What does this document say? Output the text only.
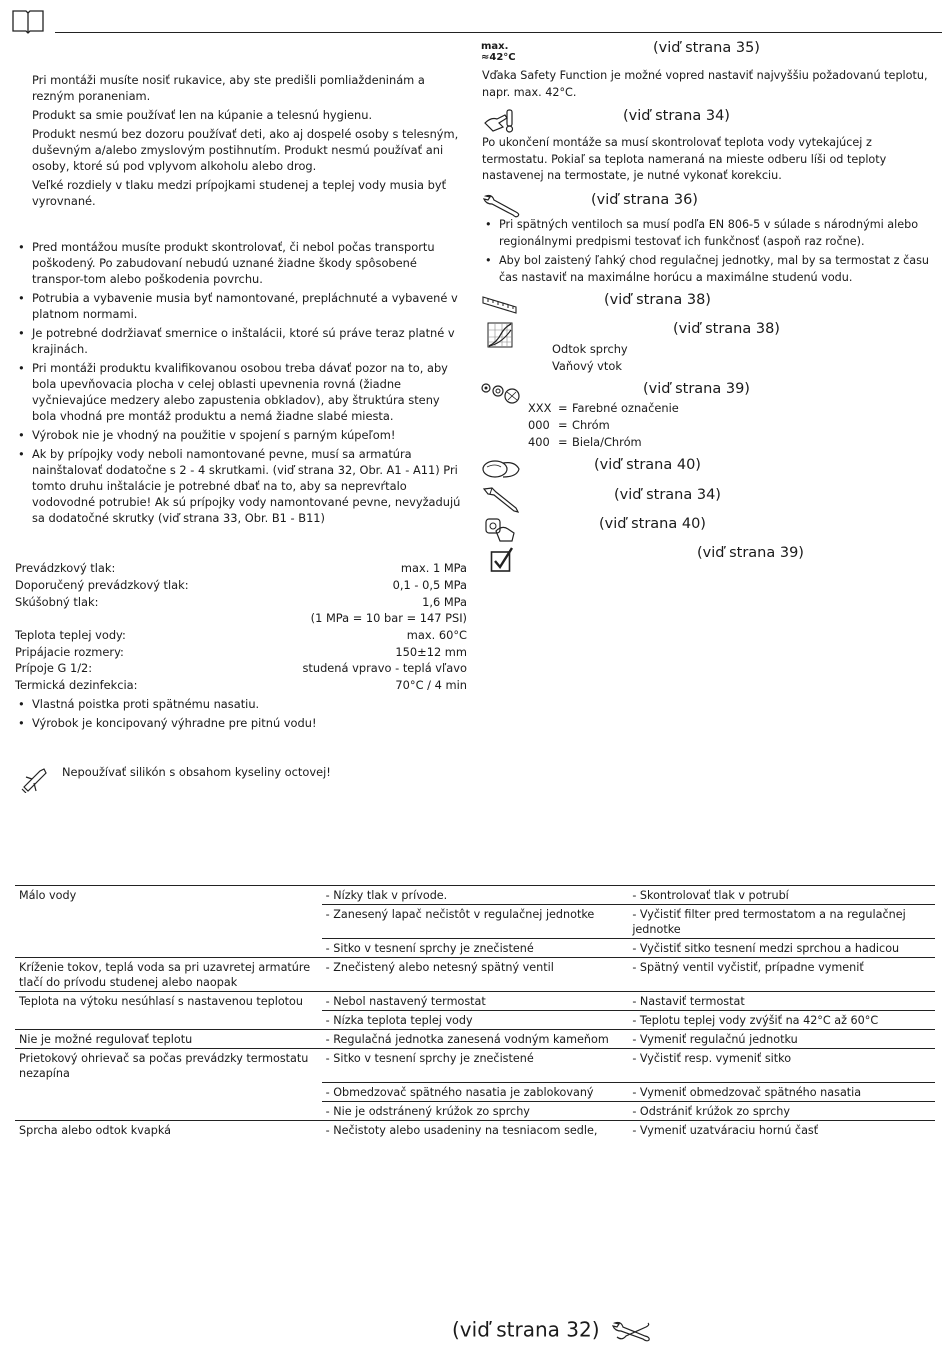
Pri montáži musíte nosiť rukavice, aby ste predišli pomliaždeninám a rezným poraneniam.

Produkt sa smie používať len na kúpanie a telesnú hygienu.

Produkt nesmú bez dozoru používať deti, ako aj dospelé osoby s telesným, duševným a/alebo zmyslovým postihnutím. Produkt nesmú používať ani osoby, ktoré sú pod vplyvom alkoholu alebo drog.

Veľké rozdiely v tlaku medzi prípojkami studenej a teplej vody musia byť vyrovnané.

• Pred montážou musíte produkt skontrolovať, či nebol počas transportu poškodený. Po zabudovaní nebudú uznané žiadne škody spôsobené transpor-tom alebo poškodenia povrchu.
• Potrubia a vybavenie musia byť namontované, prepláchnuté a vybavené v platnom normami.
• Je potrebné dodržiavať smernice o inštalácii, ktoré sú práve teraz platné v krajinách.
• Pri montáži produktu kvalifikovanou osobou treba dávať pozor na to, aby bola upevňovacia plocha v celej oblasti upevnenia rovná (žiadne vyčnievajúce medzery alebo zapustenia obkladov), aby štruktúra steny bola vhodná pre montáž produktu a nemá žiadne slabé miesta.
• Výrobok nie je vhodný na použitie v spojení s parným kúpeľom!
• Ak by prípojky vody neboli namontované pevne, musí sa armatúra nainštalovať dodatočne s 2 - 4 skrutkami. (viď strana 32, Obr. A1 - A11) Pri tomto druhu inštalácie je potrebné dbať na to, aby sa neprevŕtalo vodovodné potrubie! Ak sú prípojky vody namontované pevne, nevyžadujú sa dodatočné skrutky (viď strana 33, Obr. B1 - B11)
Prevádzkový tlak:	max. 1 MPa
Doporučený prevádzkový tlak:	0,1 - 0,5 MPa
Skúšobný tlak:	1,6 MPa
(1 MPa = 10 bar = 147 PSI)
Teplota teplej vody:	max. 60°C
Pripájacie rozmery:	150±12 mm
Prípoje G 1/2:	studená vpravo - teplá vľavo
Termická dezinfekcia:	70°C / 4 min
• Vlastná poistka proti spätnému nasatiu.
• Výrobok je koncipovaný výhradne pre pitnú vodu!
Nepoužívať silikón s obsahom kyseliny octovej!
max.
≈42°C
(viď strana 35)
Vďaka Safety Function je možné vopred nastaviť najvyššiu požadovanú teplotu, napr. max. 42°C.
(viď strana 34)
Po ukončení montáže sa musí skontrolovať teplota vody vytekajúcej z termostatu. Pokiaľ sa teplota nameraná na mieste odberu líši od teploty nastavenej na termostate, je nutné vykonať korekciu.
(viď strana 36)
• Pri spätných ventiloch sa musí podľa EN 806-5 v súlade s národnými alebo regionálnymi predpismi testovať ich funkčnosť (aspoň raz ročne).
• Aby bol zaistený ľahký chod regulačnej jednotky, mal by sa termostat z času čas nastaviť na maximálne horúcu a maximálne studenú vodu.
(viď strana 38)
(viď strana 38)
Odtok sprchy
Vaňový vtok
(viď strana 39)
XXX = Farebné označenie
000 = Chróm
400 = Biela/Chróm
(viď strana 40)
(viď strana 34)
(viď strana 40)
(viď strana 39)
Málo vody	- Nízky tlak v prívode.	- Skontrolovať tlak v potrubí
	- Zanesený lapač nečistôt v regulačnej jednotke	- Vyčistiť filter pred termostatom a na regulačnej jednotke
	- Sitko v tesnení sprchy je znečistené	- Vyčistiť sitko tesnení medzi sprchou a hadicou
Kríženie tokov, teplá voda sa pri uzavretej armatúre tlačí do prívodu studenej alebo naopak	- Znečistený alebo netesný spätný ventil	- Spätný ventil vyčistiť, prípadne vymeniť
Teplota na výtoku nesúhlasí s nastavenou teplotou	- Nebol nastavený termostat	- Nastaviť termostat
	- Nízka teplota teplej vody	- Teplotu teplej vody zvýšiť na 42°C až 60°C
Nie je možné regulovať teplotu	- Regulačná jednotka zanesená vodným kameňom	- Vymeniť regulačnú jednotku
Prietokový ohrievač sa počas prevádzky termostatu nezapína	- Sitko v tesnení sprchy je znečistené	- Vyčistiť resp. vymeniť sitko
	- Obmedzovač spätného nasatia je zablokovaný	- Vymeniť obmedzovač spätného nasatia
	- Nie je odstránený krúžok zo sprchy	- Odstrániť krúžok zo sprchy
Sprcha alebo odtok kvapká	- Nečistoty alebo usadeniny na tesniacom sedle,	- Vymeniť uzatváraciu hornú časť
(viď strana 32)
